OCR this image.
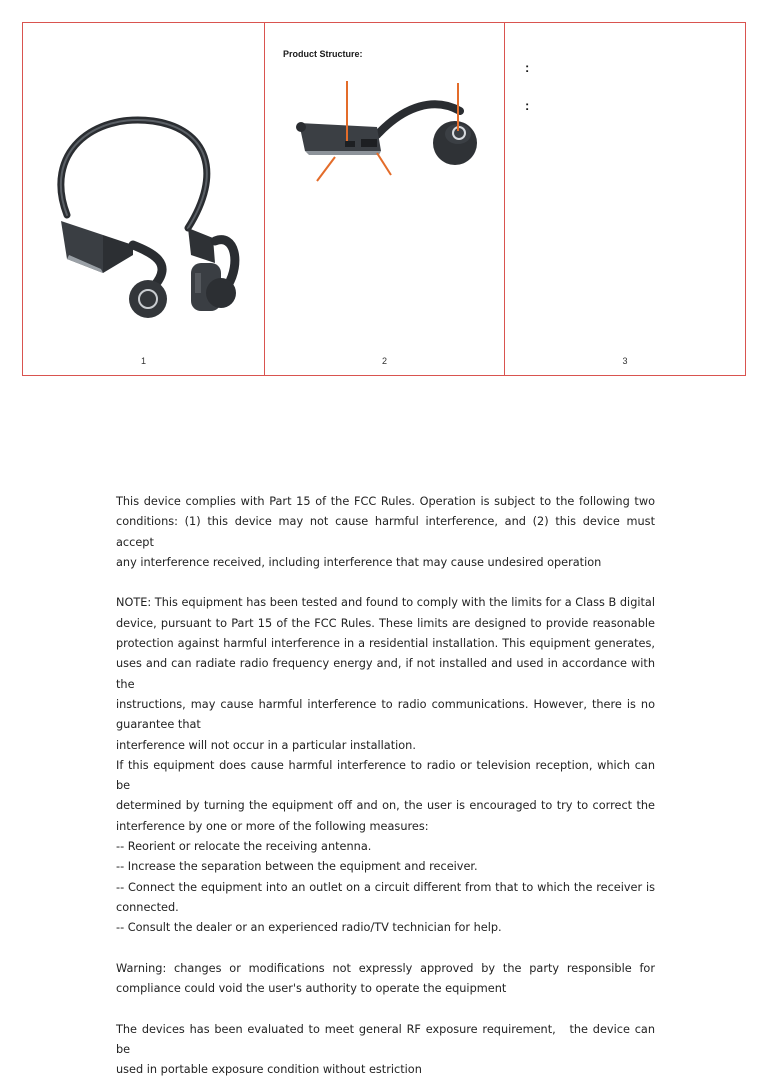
1
Product Structure:
2
:
:
3

This device complies with Part 15 of the FCC Rules. Operation is subject to the following two

conditions: (1) this device may not cause harmful interference, and (2) this device must accept

any interference received, including interference that may cause undesired operation

NOTE: This equipment has been tested and found to comply with the limits for a Class B digital

device, pursuant to Part 15 of the FCC Rules. These limits are designed to provide reasonable

protection against harmful interference in a residential installation. This equipment generates,

uses and can radiate radio frequency energy and, if not installed and used in accordance with the

instructions, may cause harmful interference to radio communications. However, there is no

guarantee that

interference will not occur in a particular installation.

If this equipment does cause harmful interference to radio or television reception, which can be

determined by turning the equipment off and on, the user is encouraged to try to correct the

interference by one or more of the following measures:

-- Reorient or relocate the receiving antenna.

-- Increase the separation between the equipment and receiver.

-- Connect the equipment into an outlet on a circuit different from that to which the receiver is

connected.

-- Consult the dealer or an experienced radio/TV technician for help.

Warning: changes or modifications not expressly approved by the party responsible for

compliance could void the user's authority to operate the equipment

The devices has been evaluated to meet general RF exposure requirement,　the device can be

used in portable exposure condition without estriction
